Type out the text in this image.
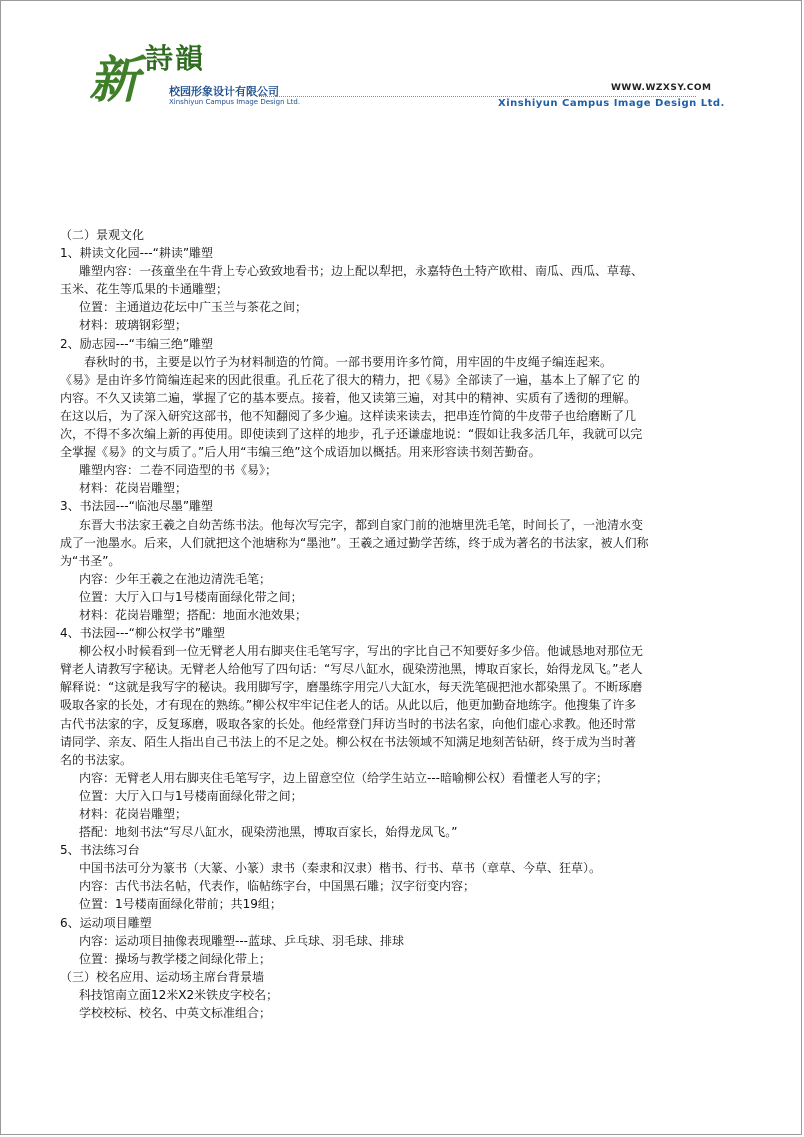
新 詩韻
校园形象设计有限公司
Xinshiyun Campus Image Design Ltd.
WWW.WZXSY.COM
Xinshiyun Campus Image Design Ltd.

（二）景观文化

1、耕读文化园---“耕读”雕塑

雕塑内容：一孩童坐在牛背上专心致致地看书；边上配以犁把，永嘉特色土特产欧柑、南瓜、西瓜、草莓、

玉米、花生等瓜果的卡通雕塑；

位置：主通道边花坛中广玉兰与茶花之间；

材料：玻璃钢彩塑；

2、励志园---“韦编三绝”雕塑

春秋时的书，主要是以竹子为材料制造的竹简。一部书要用许多竹简，用牢固的牛皮绳子编连起来。

《易》是由许多竹简编连起来的因此很重。孔丘花了很大的精力，把《易》全部读了一遍，基本上了解了它 的

内容。不久又读第二遍，掌握了它的基本要点。接着，他又读第三遍，对其中的精神、实质有了透彻的理解。

在这以后，为了深入研究这部书，他不知翻阅了多少遍。这样读来读去，把串连竹简的牛皮带子也给磨断了几

次，不得不多次编上新的再使用。即使读到了这样的地步，孔子还谦虚地说：“假如让我多活几年，我就可以完

全掌握《易》的文与质了。”后人用“韦编三绝”这个成语加以概括。用来形容读书刻苦勤奋。

雕塑内容：二卷不同造型的书《易》；

材料：花岗岩雕塑；

3、书法园---“临池尽墨”雕塑

东晋大书法家王羲之自幼苦练书法。他每次写完字，都到自家门前的池塘里洗毛笔，时间长了，一池清水变

成了一池墨水。后来，人们就把这个池塘称为“墨池”。王羲之通过勤学苦练，终于成为著名的书法家，被人们称

为“书圣”。

内容：少年王羲之在池边清洗毛笔；

位置：大厅入口与1号楼南面绿化带之间；

材料：花岗岩雕塑；搭配：地面水池效果；

4、书法园---“柳公权学书”雕塑

柳公权小时候看到一位无臂老人用右脚夹住毛笔写字，写出的字比自己不知要好多少倍。他诚恳地对那位无

臂老人请教写字秘诀。无臂老人给他写了四句话：“写尽八缸水，砚染涝池黑，博取百家长，始得龙凤飞。”老人

解释说：“这就是我写字的秘诀。我用脚写字，磨墨练字用完八大缸水，每天洗笔砚把池水都染黑了。不断琢磨

吸取各家的长处，才有现在的熟练。”柳公权牢牢记住老人的话。从此以后，他更加勤奋地练字。他搜集了许多

古代书法家的字，反复琢磨，吸取各家的长处。他经常登门拜访当时的书法名家，向他们虚心求教。他还时常

请同学、亲友、陌生人指出自己书法上的不足之处。柳公权在书法领域不知满足地刻苦钻研，终于成为当时著

名的书法家。

内容：无臂老人用右脚夹住毛笔写字，边上留意空位（给学生站立---暗喻柳公权）看懂老人写的字；

位置：大厅入口与1号楼南面绿化带之间；

材料：花岗岩雕塑；

搭配：地刻书法“写尽八缸水，砚染涝池黑，博取百家长，始得龙凤飞。”

5、书法练习台

中国书法可分为篆书（大篆、小篆）隶书（秦隶和汉隶）楷书、行书、草书（章草、今草、狂草）。

内容：古代书法名帖，代表作，临帖练字台，中国黑石雕；汉字衍变内容；

位置：1号楼南面绿化带前；共19组；

6、运动项目雕塑

内容：运动项目抽像表现雕塑---蓝球、乒乓球、羽毛球、排球

位置：操场与教学楼之间绿化带上；

（三）校名应用、运动场主席台背景墙

科技馆南立面12米X2米铁皮字校名；

学校校标、校名、中英文标准组合；
